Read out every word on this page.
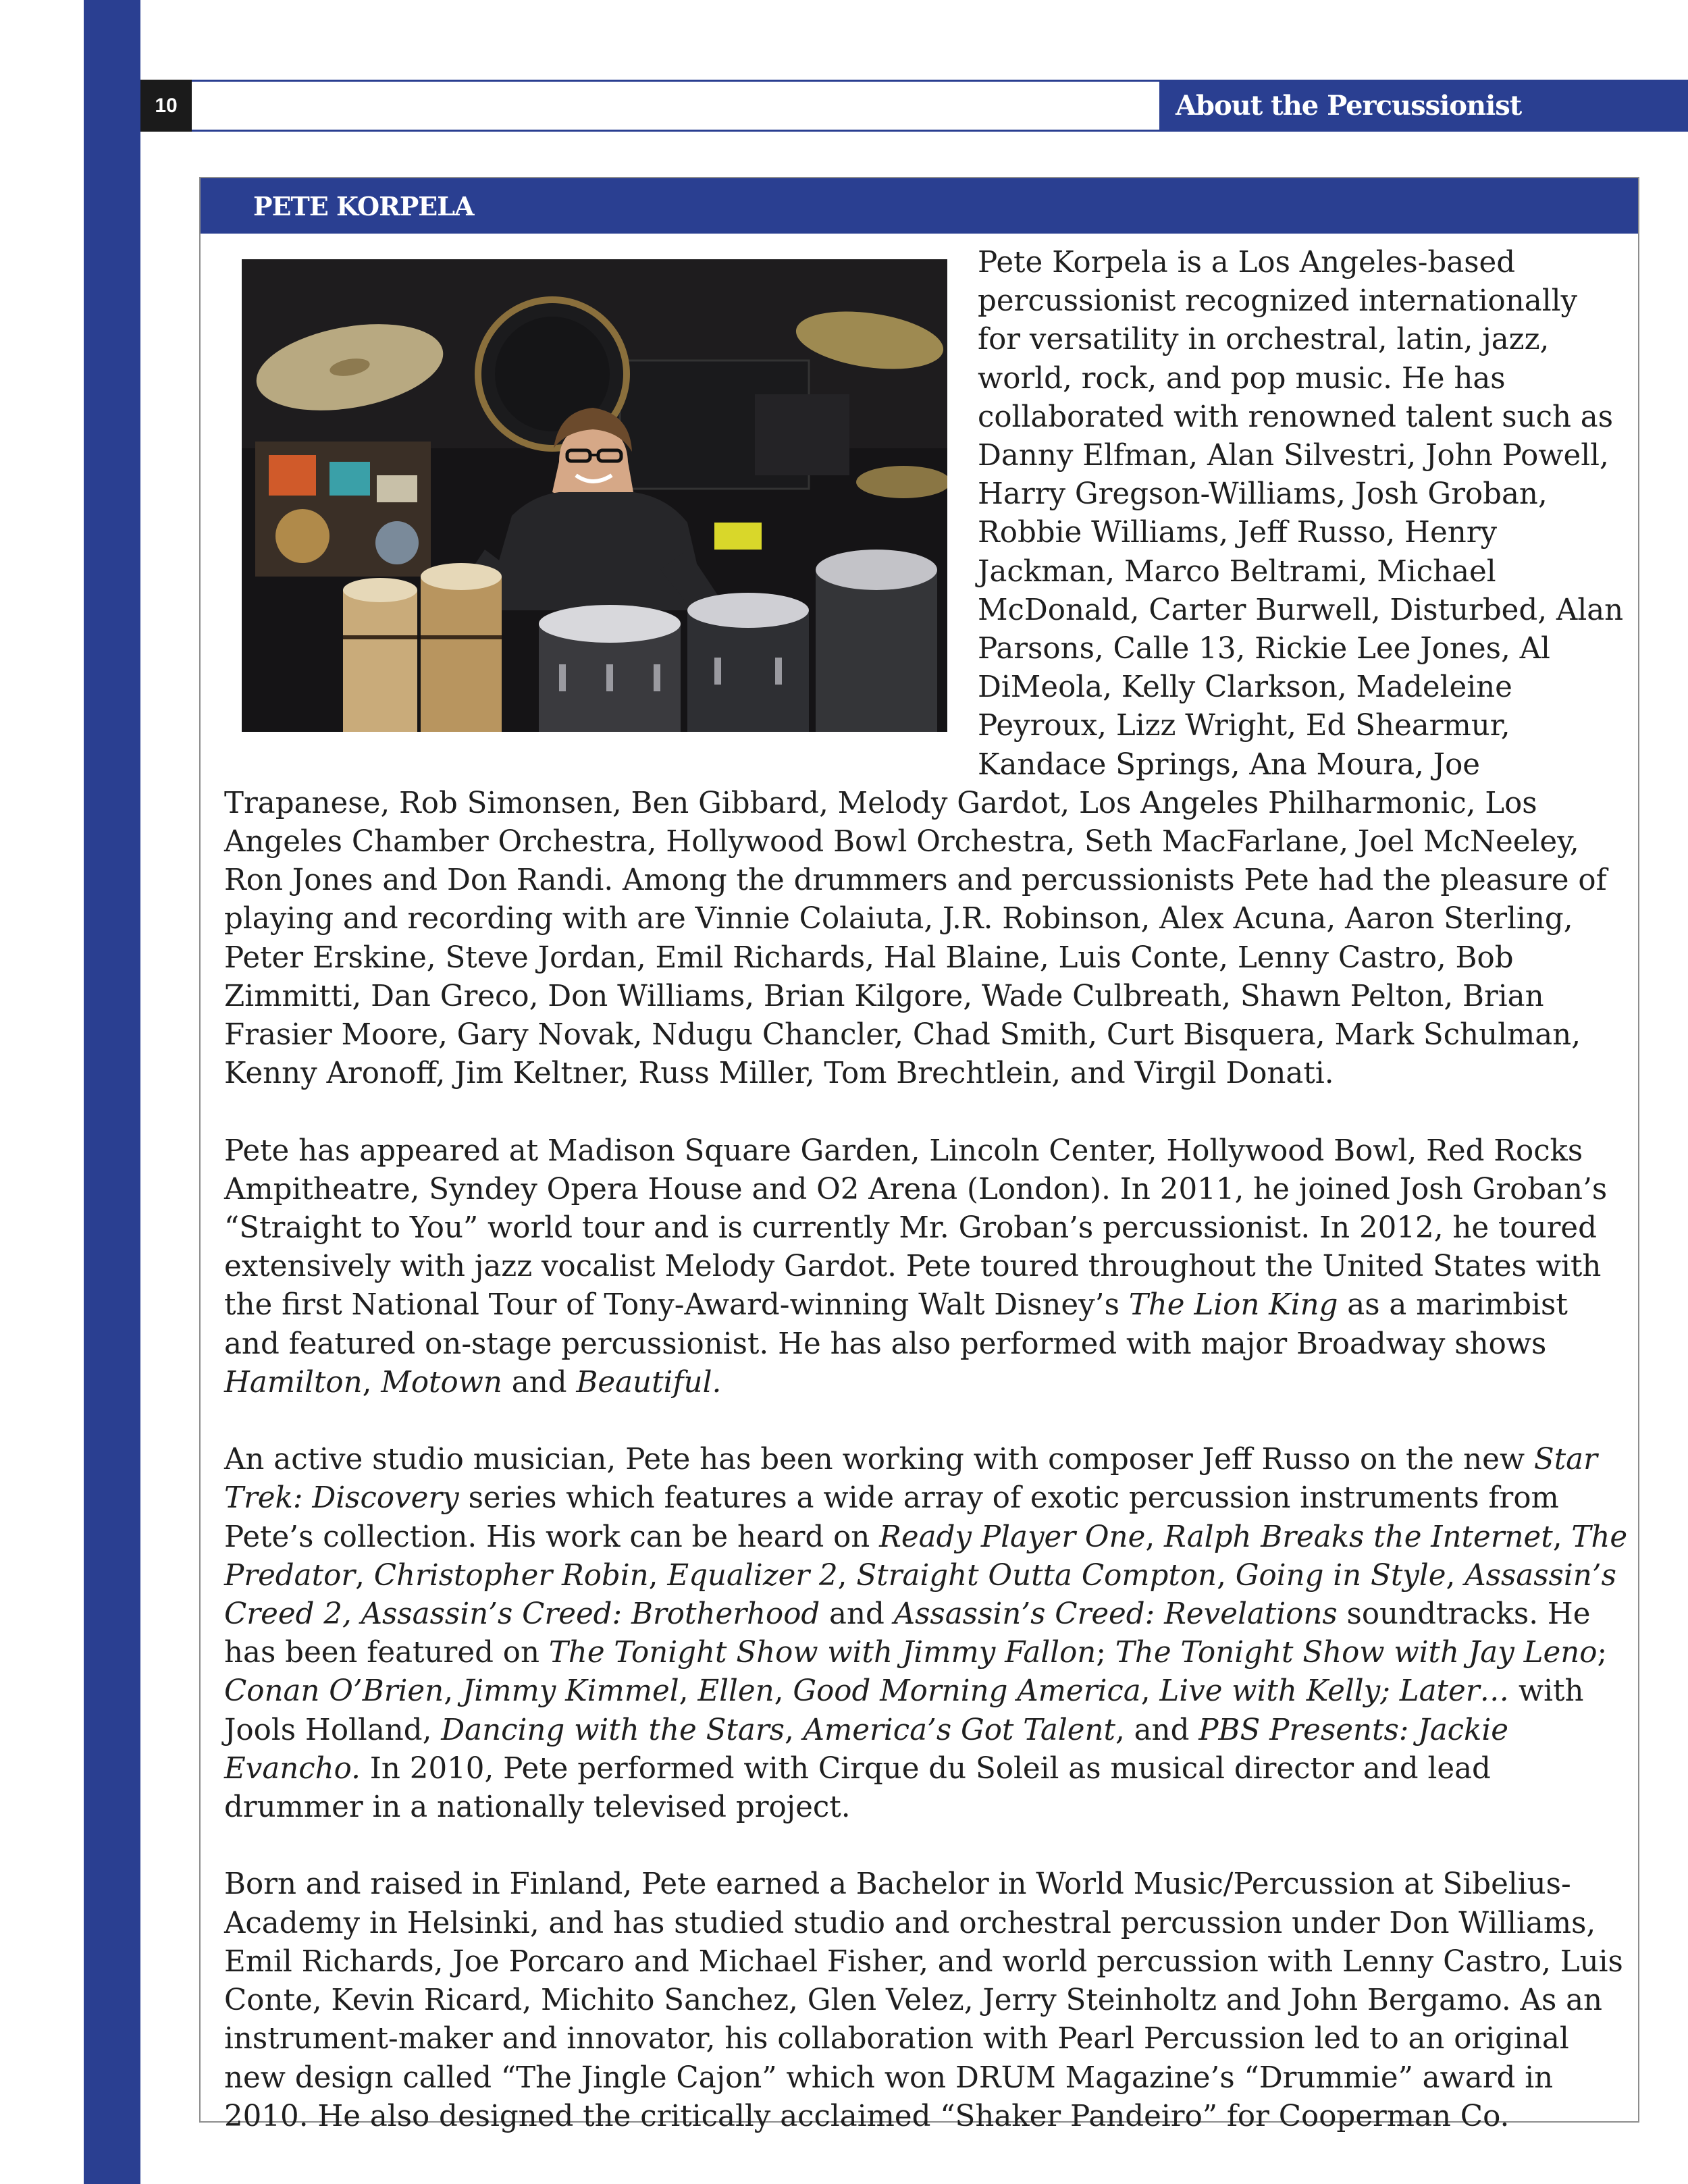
10	About the Percussionist
PETE KORPELA

Pete Korpela is a Los Angeles-based percussionist recognized internationally for versatility in orchestral, latin, jazz, world, rock, and pop music. He has collaborated with renowned talent such as Danny Elfman, Alan Silvestri, John Powell, Harry Gregson-Williams, Josh Groban, Robbie Williams, Jeff Russo, Henry Jackman, Marco Beltrami, Michael McDonald, Carter Burwell, Disturbed, Alan Parsons, Calle 13, Rickie Lee Jones, Al DiMeola, Kelly Clarkson, Madeleine Peyroux, Lizz Wright, Ed Shearmur, Kandace Springs, Ana Moura, Joe Trapanese, Rob Simonsen, Ben Gibbard, Melody Gardot, Los Angeles Philharmonic, Los Angeles Chamber Orchestra, Hollywood Bowl Orchestra, Seth MacFarlane, Joel McNeeley, Ron Jones and Don Randi. Among the drummers and percussionists Pete had the pleasure of playing and recording with are Vinnie Colaiuta, J.R. Robinson, Alex Acuna, Aaron Sterling, Peter Erskine, Steve Jordan, Emil Richards, Hal Blaine, Luis Conte, Lenny Castro, Bob Zimmitti, Dan Greco, Don Williams, Brian Kilgore, Wade Culbreath, Shawn Pelton, Brian Frasier Moore, Gary Novak, Ndugu Chancler, Chad Smith, Curt Bisquera, Mark Schulman, Kenny Aronoff, Jim Keltner, Russ Miller, Tom Brechtlein, and Virgil Donati.

Pete has appeared at Madison Square Garden, Lincoln Center, Hollywood Bowl, Red Rocks Ampitheatre, Syndey Opera House and O2 Arena (London). In 2011, he joined Josh Groban’s “Straight to You” world tour and is currently Mr. Groban’s percussionist. In 2012, he toured extensively with jazz vocalist Melody Gardot. Pete toured throughout the United States with the first National Tour of Tony-Award-winning Walt Disney’s The Lion King as a marimbist and featured on-stage percussionist. He has also performed with major Broadway shows Hamilton, Motown and Beautiful.

An active studio musician, Pete has been working with composer Jeff Russo on the new Star Trek: Discovery series which features a wide array of exotic percussion instruments from Pete’s collection. His work can be heard on Ready Player One, Ralph Breaks the Internet, The Predator, Christopher Robin, Equalizer 2, Straight Outta Compton, Going in Style, Assassin’s Creed 2, Assassin’s Creed: Brotherhood and Assassin’s Creed: Revelations soundtracks. He has been featured on The Tonight Show with Jimmy Fallon; The Tonight Show with Jay Leno; Conan O’Brien, Jimmy Kimmel, Ellen, Good Morning America, Live with Kelly; Later… with Jools Holland, Dancing with the Stars, America’s Got Talent, and PBS Presents: Jackie Evancho. In 2010, Pete performed with Cirque du Soleil as musical director and lead drummer in a nationally televised project.

Born and raised in Finland, Pete earned a Bachelor in World Music/Percussion at Sibelius-Academy in Helsinki, and has studied studio and orchestral percussion under Don Williams, Emil Richards, Joe Porcaro and Michael Fisher, and world percussion with Lenny Castro, Luis Conte, Kevin Ricard, Michito Sanchez, Glen Velez, Jerry Steinholtz and John Bergamo. As an instrument-maker and innovator, his collaboration with Pearl Percussion led to an original new design called “The Jingle Cajon” which won DRUM Magazine’s “Drummie” award in 2010. He also designed the critically acclaimed “Shaker Pandeiro” for Cooperman Co.
